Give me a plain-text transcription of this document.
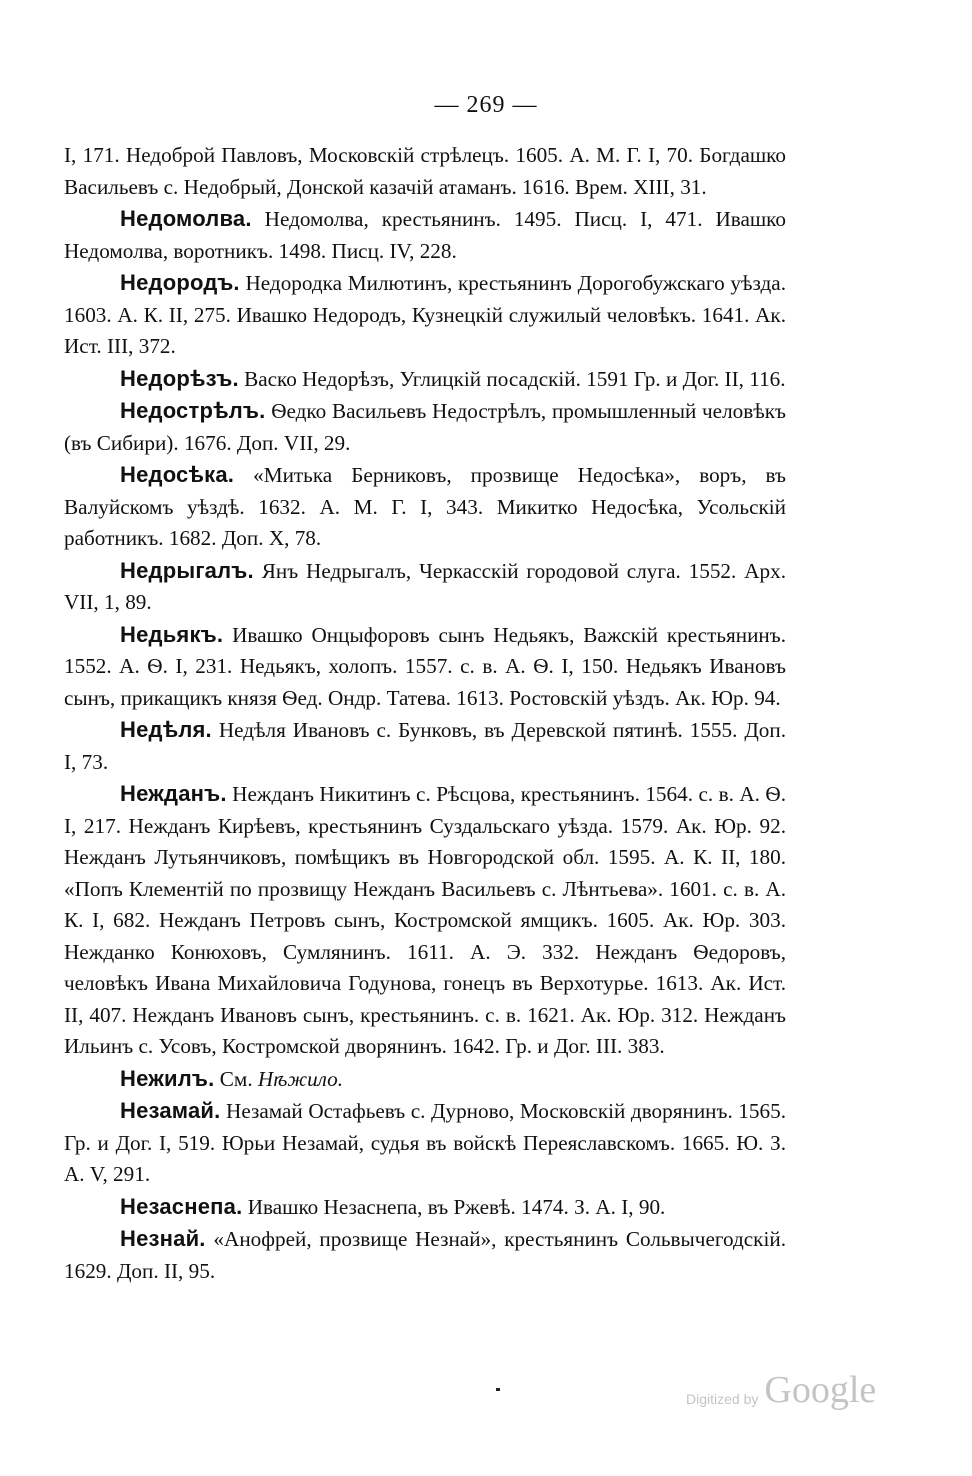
— 269 —

I, 171. Недоброй Павловъ, Московскій стрѣлецъ. 1605. А. М. Г. I, 70. Богдашко Васильевъ с. Недобрый, Донской казачій атаманъ. 1616. Врем. XIII, 31.

Недомолва. Недомолва, крестьянинъ. 1495. Писц. I, 471. Ивашко Недомолва, воротникъ. 1498. Писц. IV, 228.

Недородъ. Недородка Милютинъ, крестьянинъ Дорогобужскаго уѣзда. 1603. А. К. II, 275. Ивашко Недородъ, Кузнецкій служилый человѣкъ. 1641. Ак. Ист. III, 372.

Недорѣзъ. Васко Недорѣзъ, Углицкій посадскій. 1591 Гр. и Дог. II, 116.

Недострѣлъ. Ѳедко Васильевъ Недострѣлъ, промышленный человѣкъ (въ Сибири). 1676. Доп. VII, 29.

Недосѣка. «Митька Берниковъ, прозвище Недосѣка», воръ, въ Валуйскомъ уѣздѣ. 1632. А. М. Г. I, 343. Микитко Недосѣка, Усольскій работникъ. 1682. Доп. X, 78.

Недрыгалъ. Янъ Недрыгалъ, Черкасскій городовой слуга. 1552. Арх. VII, 1, 89.

Недьякъ. Ивашко Онцыфоровъ сынъ Недьякъ, Важскій крестьянинъ. 1552. А. Ѳ. I, 231. Недьякъ, холопъ. 1557. с. в. А. Ѳ. I, 150. Недьякъ Ивановъ сынъ, прикащикъ князя Ѳед. Ондр. Татева. 1613. Ростовскій уѣздъ. Ак. Юр. 94.

Недѣля. Недѣля Ивановъ с. Бунковъ, въ Деревской пятинѣ. 1555. Доп. I, 73.

Нежданъ. Нежданъ Никитинъ с. Рѣсцова, крестьянинъ. 1564. с. в. А. Ѳ. I, 217. Нежданъ Кирѣевъ, крестьянинъ Суздальскаго уѣзда. 1579. Ак. Юр. 92. Нежданъ Лутьянчиковъ, помѣщикъ въ Новгородской обл. 1595. А. К. II, 180. «Попъ Клементій по прозвищу Нежданъ Васильевъ с. Лѣнтьева». 1601. с. в. А. К. I, 682. Нежданъ Петровъ сынъ, Костромской ямщикъ. 1605. Ак. Юр. 303. Нежданко Конюховъ, Сумлянинъ. 1611. А. Э. 332. Нежданъ Ѳедоровъ, человѣкъ Ивана Михайловича Годунова, гонецъ въ Верхотурье. 1613. Ак. Ист. II, 407. Нежданъ Ивановъ сынъ, крестьянинъ. с. в. 1621. Ак. Юр. 312. Нежданъ Ильинъ с. Усовъ, Костромской дворянинъ. 1642. Гр. и Дог. III. 383.

Нежилъ. См. Нѣжило.

Незамай. Незамай Остафьевъ с. Дурново, Московскій дворянинъ. 1565. Гр. и Дог. I, 519. Юрьи Незамай, судья въ войскѣ Переяславскомъ. 1665. Ю. З. А. V, 291.

Незаснепа. Ивашко Незаснепа, въ Ржевѣ. 1474. З. А. I, 90.

Незнай. «Анофрей, прозвище Незнай», крестьянинъ Сольвычегодскій. 1629. Доп. II, 95.

Digitized by Google
